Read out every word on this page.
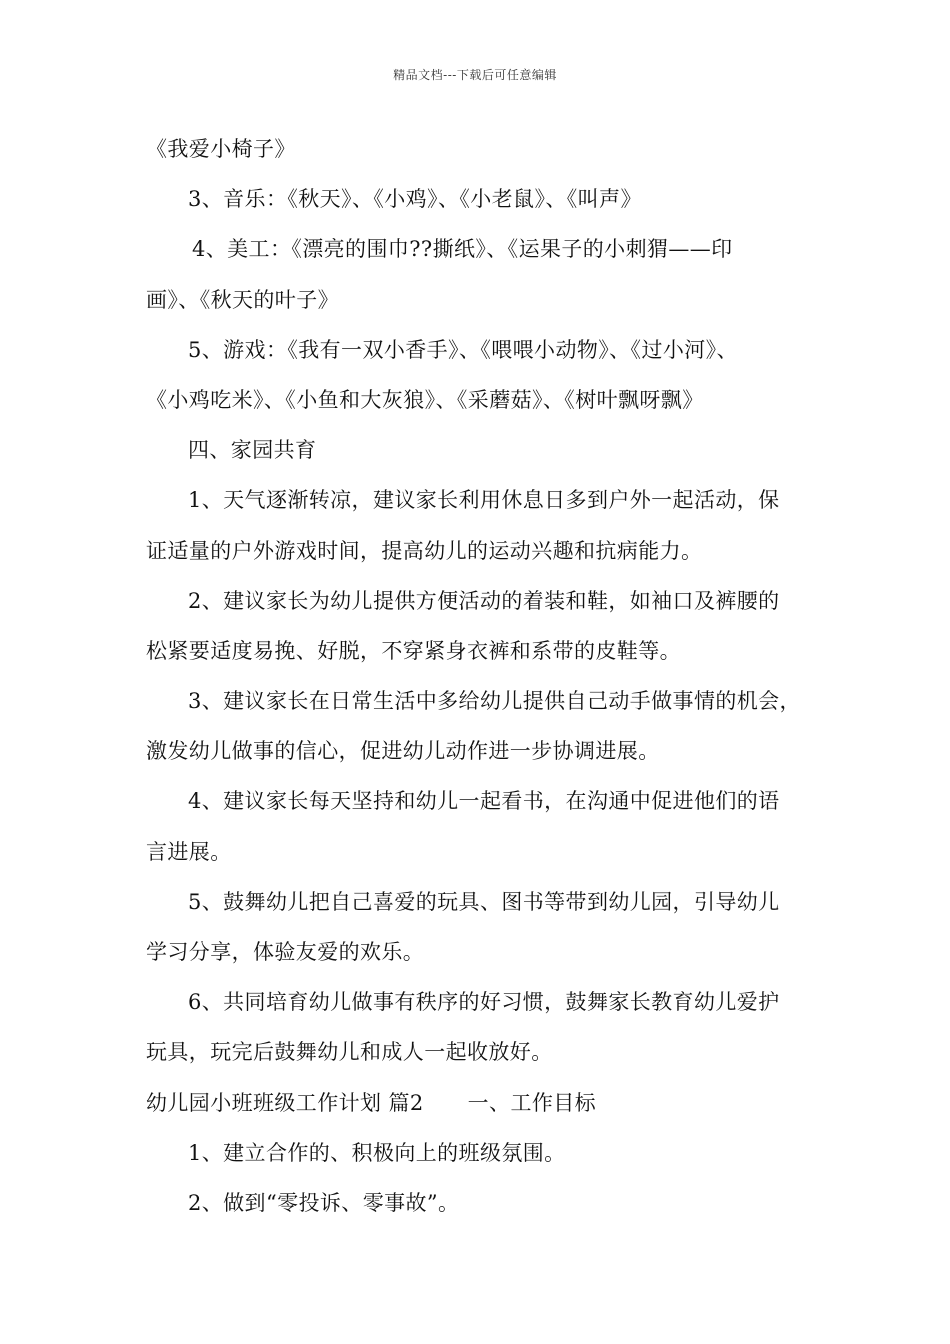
精品文档---下载后可任意编辑
《我爱小椅子》
3、音乐：《秋天》、《小鸡》、《小老鼠》、《叫声》
4、美工：《漂亮的围巾??撕纸》、《运果子的小刺猬——印
画》、《秋天的叶子》
5、游戏：《我有一双小香手》、《喂喂小动物》、《过小河》、
《小鸡吃米》、《小鱼和大灰狼》、《采蘑菇》、《树叶飘呀飘》
四、家园共育
1、天气逐渐转凉，建议家长利用休息日多到户外一起活动，保
证适量的户外游戏时间，提高幼儿的运动兴趣和抗病能力。
2、建议家长为幼儿提供方便活动的着装和鞋，如袖口及裤腰的
松紧要适度易挽、好脱，不穿紧身衣裤和系带的皮鞋等。
3、建议家长在日常生活中多给幼儿提供自己动手做事情的机会，
激发幼儿做事的信心，促进幼儿动作进一步协调进展。
4、建议家长每天坚持和幼儿一起看书，在沟通中促进他们的语
言进展。
5、鼓舞幼儿把自己喜爱的玩具、图书等带到幼儿园，引导幼儿
学习分享，体验友爱的欢乐。
6、共同培育幼儿做事有秩序的好习惯，鼓舞家长教育幼儿爱护
玩具，玩完后鼓舞幼儿和成人一起收放好。
幼儿园小班班级工作计划 篇2 一、工作目标
1、建立合作的、积极向上的班级氛围。
2、做到“零投诉、零事故”。
